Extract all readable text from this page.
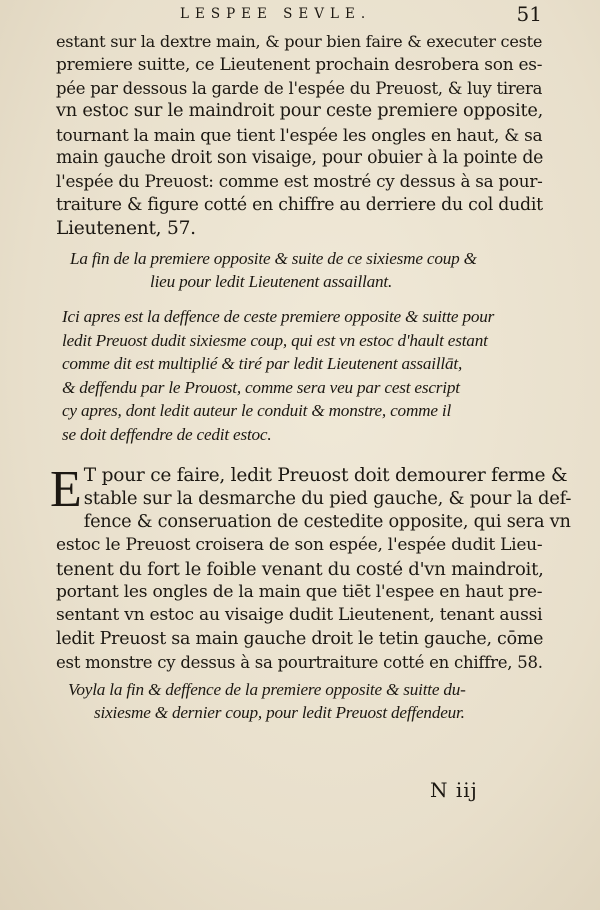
LESPEE SEVLE.	51
estant sur la dextre main, & pour bien faire & executer ceste
premiere suitte, ce Lieutenent prochain desrobera son es-
pée par dessous la garde de l'espée du Preuost, & luy tirera
vn estoc sur le maindroit pour ceste premiere opposite,
tournant la main que tient l'espée les ongles en haut, & sa
main gauche droit son visaige, pour obuier à la pointe de
l'espée du Preuost: comme est mostré cy dessus à sa pour-
traiture & figure cotté en chiffre au derriere du col dudit
Lieutenent, 57.
La fin de la premiere opposite & suite de ce sixiesme coup &
lieu pour ledit Lieutenent assaillant.
Ici apres est la deffence de ceste premiere opposite & suitte pour
ledit Preuost dudit sixiesme coup, qui est vn estoc d'hault estant
comme dit est multiplié & tiré par ledit Lieutenent assaillāt,
& deffendu par le Prouost, comme sera veu par cest escript
cy apres, dont ledit auteur le conduit & monstre, comme il
se doit deffendre de cedit estoc.
E T pour ce faire, ledit Preuost doit demourer ferme &
stable sur la desmarche du pied gauche, & pour la def-
fence & conseruation de cestedite opposite, qui sera vn
estoc le Preuost croisera de son espée, l'espée dudit Lieu-
tenent du fort le foible venant du costé d'vn maindroit,
portant les ongles de la main que tiēt l'espee en haut pre-
sentant vn estoc au visaige dudit Lieutenent, tenant aussi
ledit Preuost sa main gauche droit le tetin gauche, cōme
est monstre cy dessus à sa pourtraiture cotté en chiffre, 58.
Voyla la fin & deffence de la premiere opposite & suitte du-
sixiesme & dernier coup, pour ledit Preuost deffendeur.
N iij
